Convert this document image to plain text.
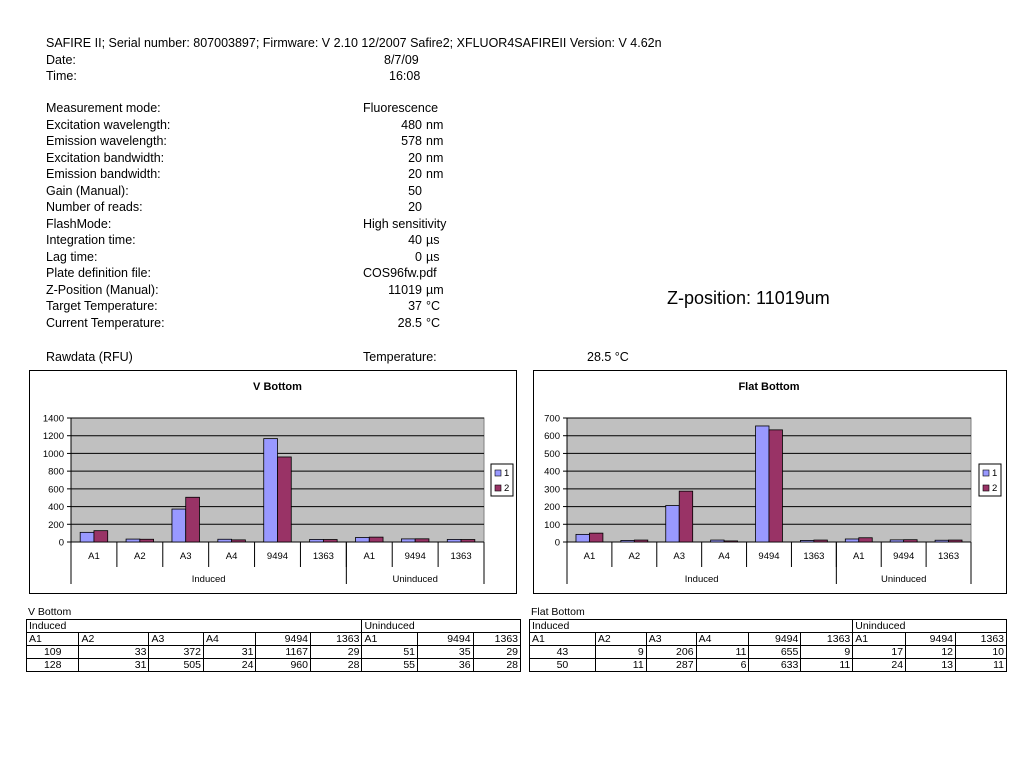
SAFIRE II; Serial number: 807003897; Firmware: V 2.10 12/2007 Safire2; XFLUOR4SAFIREII Version: V 4.62n
Date:	8/7/09
Time:	16:08
Measurement mode:	Fluorescence
Excitation wavelength:	480 nm
Emission wavelength:	578 nm
Excitation bandwidth:	20 nm
Emission bandwidth:	20 nm
Gain (Manual):	50
Number of reads:	20
FlashMode:	High sensitivity
Integration time:	40 µs
Lag time:	0 µs
Plate definition file:	COS96fw.pdf
Z-Position (Manual):	11019 µm
Target Temperature:	37 °C
Current Temperature:	28.5 °C
Rawdata (RFU)	Temperature:	28.5 °C
Z-position: 11019um
V Bottom
0
200
400
600
800
1000
1200
1400
A1	A2	A3	A4	9494	1363	A1	9494	1363
Induced	Uninduced
1
2
Flat Bottom
0
100
200
300
400
500
600
700
A1	A2	A3	A4	9494 1363	A1	9494 1363
Induced	Uninduced
1
2
V Bottom
Induced						Uninduced		
A1	A2	A3	A4	9494	1363	A1	9494	1363
109	33	372	31	1167	29	51	35	29
128	31	505	24	960	28	55	36	28
Flat Bottom
Induced						Uninduced		
A1	A2	A3	A4	9494	1363	A1	9494	1363
43	9	206	11	655	9	17	12	10
50	11	287	6	633	11	24	13	11
